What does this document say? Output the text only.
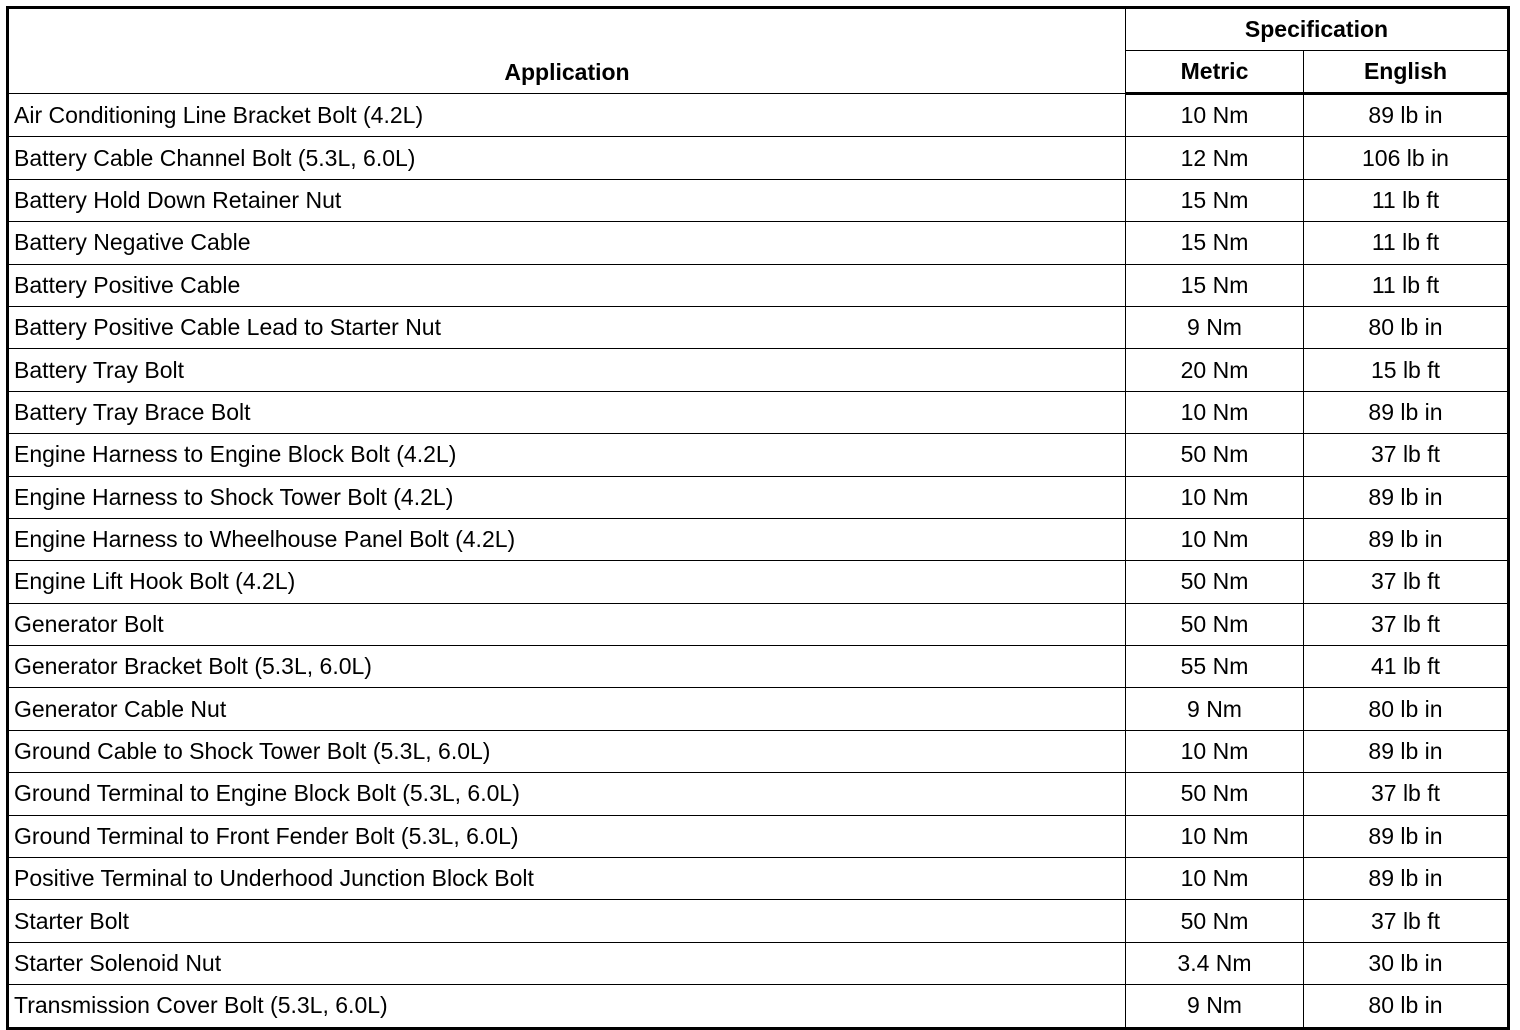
Application	Specification	
	Metric	English
Air Conditioning Line Bracket Bolt (4.2L)	10 Nm	89 lb in
Battery Cable Channel Bolt (5.3L, 6.0L)	12 Nm	106 lb in
Battery Hold Down Retainer Nut	15 Nm	11 lb ft
Battery Negative Cable	15 Nm	11 lb ft
Battery Positive Cable	15 Nm	11 lb ft
Battery Positive Cable Lead to Starter Nut	9 Nm	80 lb in
Battery Tray Bolt	20 Nm	15 lb ft
Battery Tray Brace Bolt	10 Nm	89 lb in
Engine Harness to Engine Block Bolt (4.2L)	50 Nm	37 lb ft
Engine Harness to Shock Tower Bolt (4.2L)	10 Nm	89 lb in
Engine Harness to Wheelhouse Panel Bolt (4.2L)	10 Nm	89 lb in
Engine Lift Hook Bolt (4.2L)	50 Nm	37 lb ft
Generator Bolt	50 Nm	37 lb ft
Generator Bracket Bolt (5.3L, 6.0L)	55 Nm	41 lb ft
Generator Cable Nut	9 Nm	80 lb in
Ground Cable to Shock Tower Bolt (5.3L, 6.0L)	10 Nm	89 lb in
Ground Terminal to Engine Block Bolt (5.3L, 6.0L)	50 Nm	37 lb ft
Ground Terminal to Front Fender Bolt (5.3L, 6.0L)	10 Nm	89 lb in
Positive Terminal to Underhood Junction Block Bolt	10 Nm	89 lb in
Starter Bolt	50 Nm	37 lb ft
Starter Solenoid Nut	3.4 Nm	30 lb in
Transmission Cover Bolt (5.3L, 6.0L)	9 Nm	80 lb in
